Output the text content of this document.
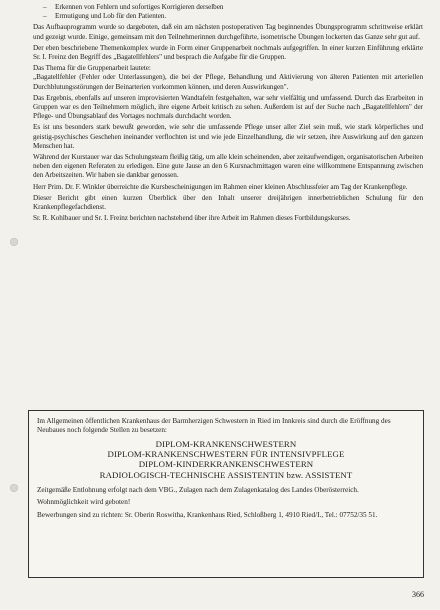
– Erkennen von Fehlern und sofortiges Korrigieren derselben
– Ermutigung und Lob für den Patienten.

Das Aufbauprogramm wurde so dargeboten, daß ein am nächsten postoperativen Tag beginnendes Übungsprogramm schrittweise erklärt und gezeigt wurde. Einige, gemeinsam mit den Teilnehmerinnen durchgeführte, isometrische Übungen lockerten das Ganze sehr gut auf.

Der eben beschriebene Themenkomplex wurde in Form einer Gruppenarbeit nochmals aufgegriffen. In einer kurzen Einführung erklärte Sr. I. Freinz den Begriff des „Bagatellfehlers" und besprach die Aufgabe für die Gruppen.

Das Thema für die Gruppenarbeit lautete:

„Bagatellfehler (Fehler oder Unterlassungen), die bei der Pflege, Behandlung und Aktivierung von älteren Patienten mit arteriellen Durchblutungsstörungen der Beinarterien vorkommen können, und deren Auswirkungen".

Das Ergebnis, ebenfalls auf unseren improvisierten Wandtafeln festgehalten, war sehr vielfältig und umfassend. Durch das Erarbeiten in Gruppen war es den Teilnehmern möglich, ihre eigene Arbeit kritisch zu sehen. Außerdem ist auf der Suche nach „Bagatellfehlern" der Pflege- und Übungsablauf des Vortages nochmals durchdacht worden.

Es ist uns besonders stark bewußt geworden, wie sehr die umfassende Pflege unser aller Ziel sein muß, wie stark körperliches und geistig-psychisches Geschehen ineinander verflochten ist und wie jede Einzelhandlung, die wir setzen, ihre Auswirkung auf den ganzen Menschen hat.

Während der Kurstauer war das Schulungsteam fleißig tätig, um alle klein scheinenden, aber zeitaufwendigen, organisatorischen Arbeiten neben den eigenen Referaten zu erledigen. Eine gute Jause an den 6 Kursnachmittagen waren eine willkommene Entspannung zwischen den Arbeitszeiten. Wir haben sie dankbar genossen.

Herr Prim. Dr. F. Winkler überreichte die Kursbescheinigungen im Rahmen einer kleinen Abschlussfeier am Tag der Krankenpflege.

Dieser Bericht gibt einen kurzen Überblick über den Inhalt unserer dreijährigen innerbetrieblichen Schulung für den Krankenpflegefachdienst.

Sr. R. Kohlbauer und Sr. I. Freinz berichten nachstehend über ihre Arbeit im Rahmen dieses Fortbildungskurses.

Im Allgemeinen öffentlichen Krankenhaus der Barmherzigen Schwestern in Ried im Innkreis sind durch die Eröffnung des Neubaues noch folgende Stellen zu besetzen:

DIPLOM-KRANKENSCHWESTERN
DIPLOM-KRANKENSCHWESTERN FÜR INTENSIVPFLEGE
DIPLOM-KINDERKRANKENSCHWESTERN
RADIOLOGISCH-TECHNISCHE ASSISTENTIN bzw. ASSISTENT

Zeitgemäße Entlohnung erfolgt nach dem VBG., Zulagen nach dem Zulagenkatalog des Landes Oberösterreich.

Wohnmöglichkeit wird geboten!

Bewerbungen sind zu richten: Sr. Oberin Roswitha, Krankenhaus Ried, Schloßberg 1, 4910 Ried/I., Tel.: 07752/35 51.

366
